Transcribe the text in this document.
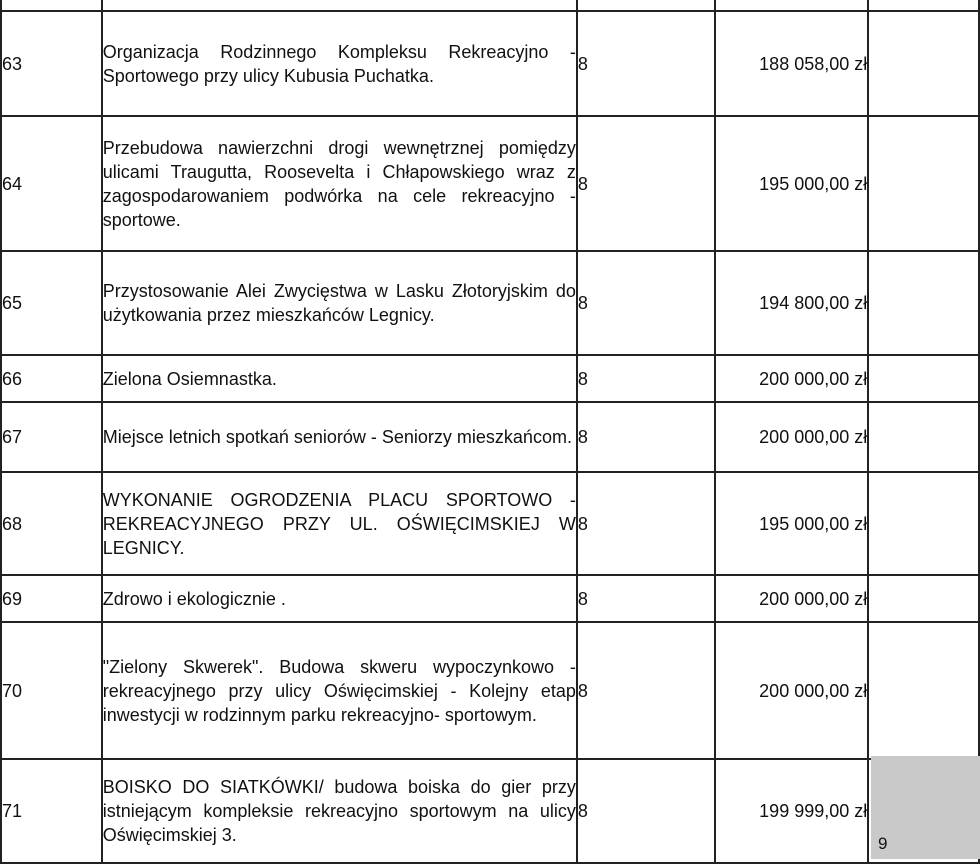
63	Organizacja Rodzinnego Kompleksu Rekreacyjno - Sportowego przy ulicy Kubusia Puchatka.	8	188 058,00 zł	
64	Przebudowa nawierzchni drogi wewnętrznej pomiędzy ulicami Traugutta, Roosevelta i Chłapowskiego wraz z zagospodarowaniem podwórka na cele rekreacyjno - sportowe.	8	195 000,00 zł	
65	Przystosowanie Alei Zwycięstwa w Lasku Złotoryjskim do użytkowania przez mieszkańców Legnicy.	8	194 800,00 zł	
66	Zielona Osiemnastka.	8	200 000,00 zł	
67	Miejsce letnich spotkań seniorów - Seniorzy mieszkańcom.	8	200 000,00 zł	
68	WYKONANIE OGRODZENIA PLACU SPORTOWO - REKREACYJNEGO PRZY UL. OŚWIĘCIMSKIEJ W LEGNICY.	8	195 000,00 zł	
69	Zdrowo i ekologicznie .	8	200 000,00 zł	
70	"Zielony Skwerek". Budowa skweru wypoczynkowo - rekreacyjnego przy ulicy Oświęcimskiej - Kolejny etap inwestycji w rodzinnym parku rekreacyjno- sportowym.	8	200 000,00 zł	
71	BOISKO DO SIATKÓWKI/ budowa boiska do gier przy istniejącym kompleksie rekreacyjno sportowym na ulicy Oświęcimskiej 3.	8	199 999,00 zł	
9
